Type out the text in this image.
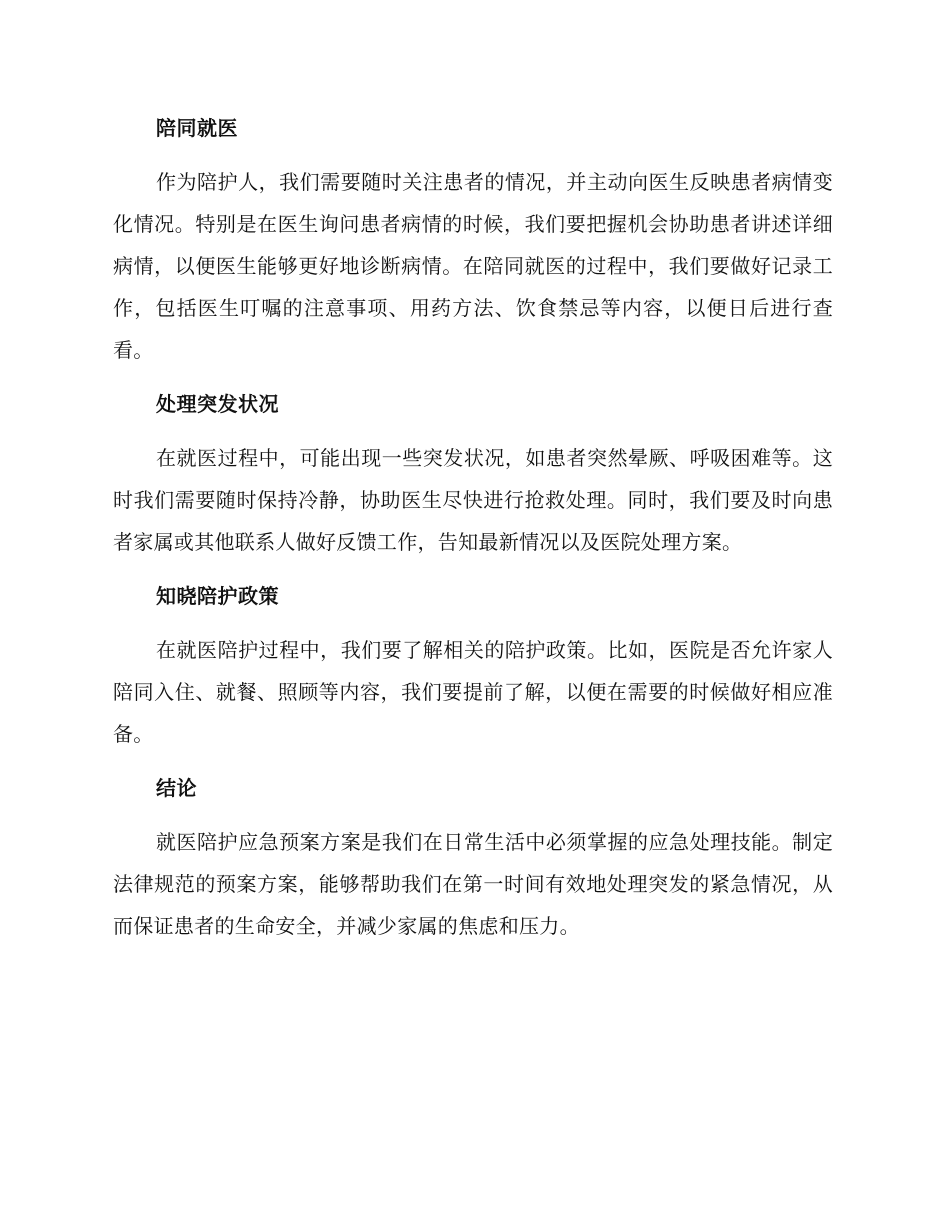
陪同就医

作为陪护人，我们需要随时关注患者的情况，并主动向医生反映患者病情变化情况。特别是在医生询问患者病情的时候，我们要把握机会协助患者讲述详细病情，以便医生能够更好地诊断病情。在陪同就医的过程中，我们要做好记录工作，包括医生叮嘱的注意事项、用药方法、饮食禁忌等内容，以便日后进行查看。

处理突发状况

在就医过程中，可能出现一些突发状况，如患者突然晕厥、呼吸困难等。这时我们需要随时保持冷静，协助医生尽快进行抢救处理。同时，我们要及时向患者家属或其他联系人做好反馈工作，告知最新情况以及医院处理方案。

知晓陪护政策

在就医陪护过程中，我们要了解相关的陪护政策。比如，医院是否允许家人陪同入住、就餐、照顾等内容，我们要提前了解，以便在需要的时候做好相应准备。

结论

就医陪护应急预案方案是我们在日常生活中必须掌握的应急处理技能。制定法律规范的预案方案，能够帮助我们在第一时间有效地处理突发的紧急情况，从而保证患者的生命安全，并减少家属的焦虑和压力。
